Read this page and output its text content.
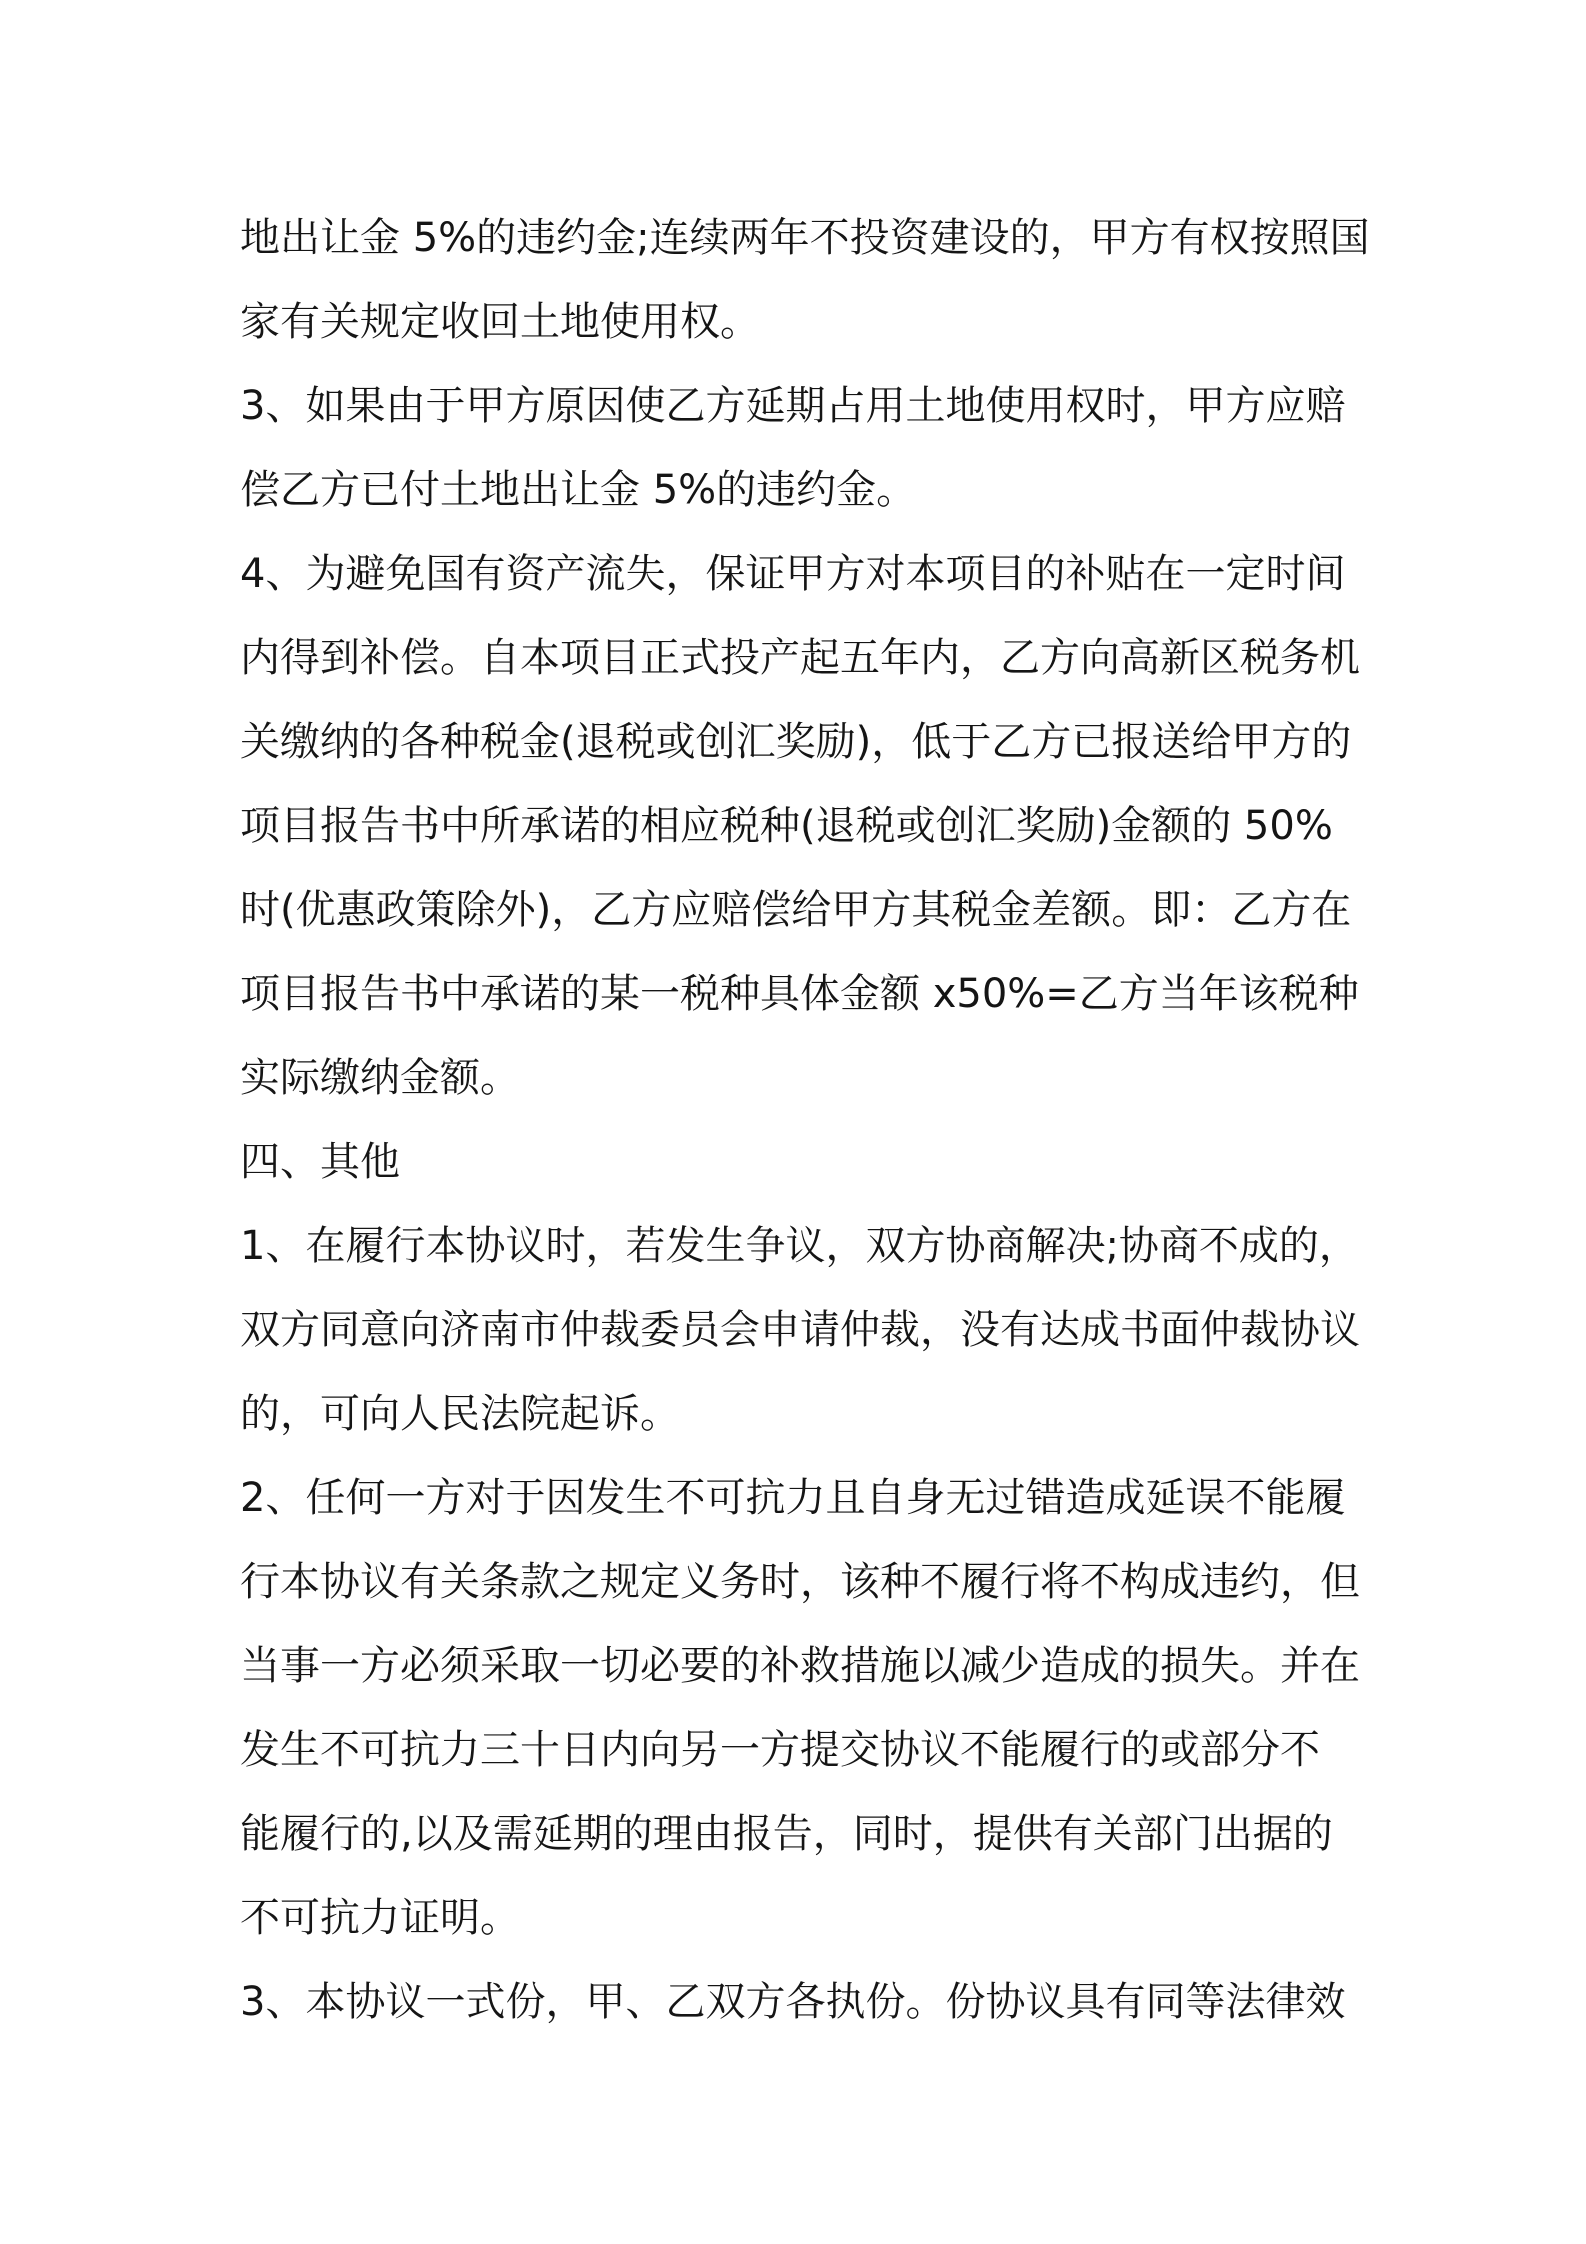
地出让金 5%的违约金;连续两年不投资建设的，甲方有权按照国
家有关规定收回土地使用权。
3、如果由于甲方原因使乙方延期占用土地使用权时，甲方应赔
偿乙方已付土地出让金 5%的违约金。
4、为避免国有资产流失，保证甲方对本项目的补贴在一定时间
内得到补偿。自本项目正式投产起五年内，乙方向高新区税务机
关缴纳的各种税金(退税或创汇奖励)，低于乙方已报送给甲方的
项目报告书中所承诺的相应税种(退税或创汇奖励)金额的 50%
时(优惠政策除外)，乙方应赔偿给甲方其税金差额。即：乙方在
项目报告书中承诺的某一税种具体金额 x50%=乙方当年该税种
实际缴纳金额。
四、其他
1、在履行本协议时，若发生争议，双方协商解决;协商不成的，
双方同意向济南市仲裁委员会申请仲裁，没有达成书面仲裁协议
的，可向人民法院起诉。
2、任何一方对于因发生不可抗力且自身无过错造成延误不能履
行本协议有关条款之规定义务时，该种不履行将不构成违约，但
当事一方必须采取一切必要的补救措施以减少造成的损失。并在
发生不可抗力三十日内向另一方提交协议不能履行的或部分不
能履行的,以及需延期的理由报告，同时，提供有关部门出据的
不可抗力证明。
3、本协议一式份，甲、乙双方各执份。份协议具有同等法律效
